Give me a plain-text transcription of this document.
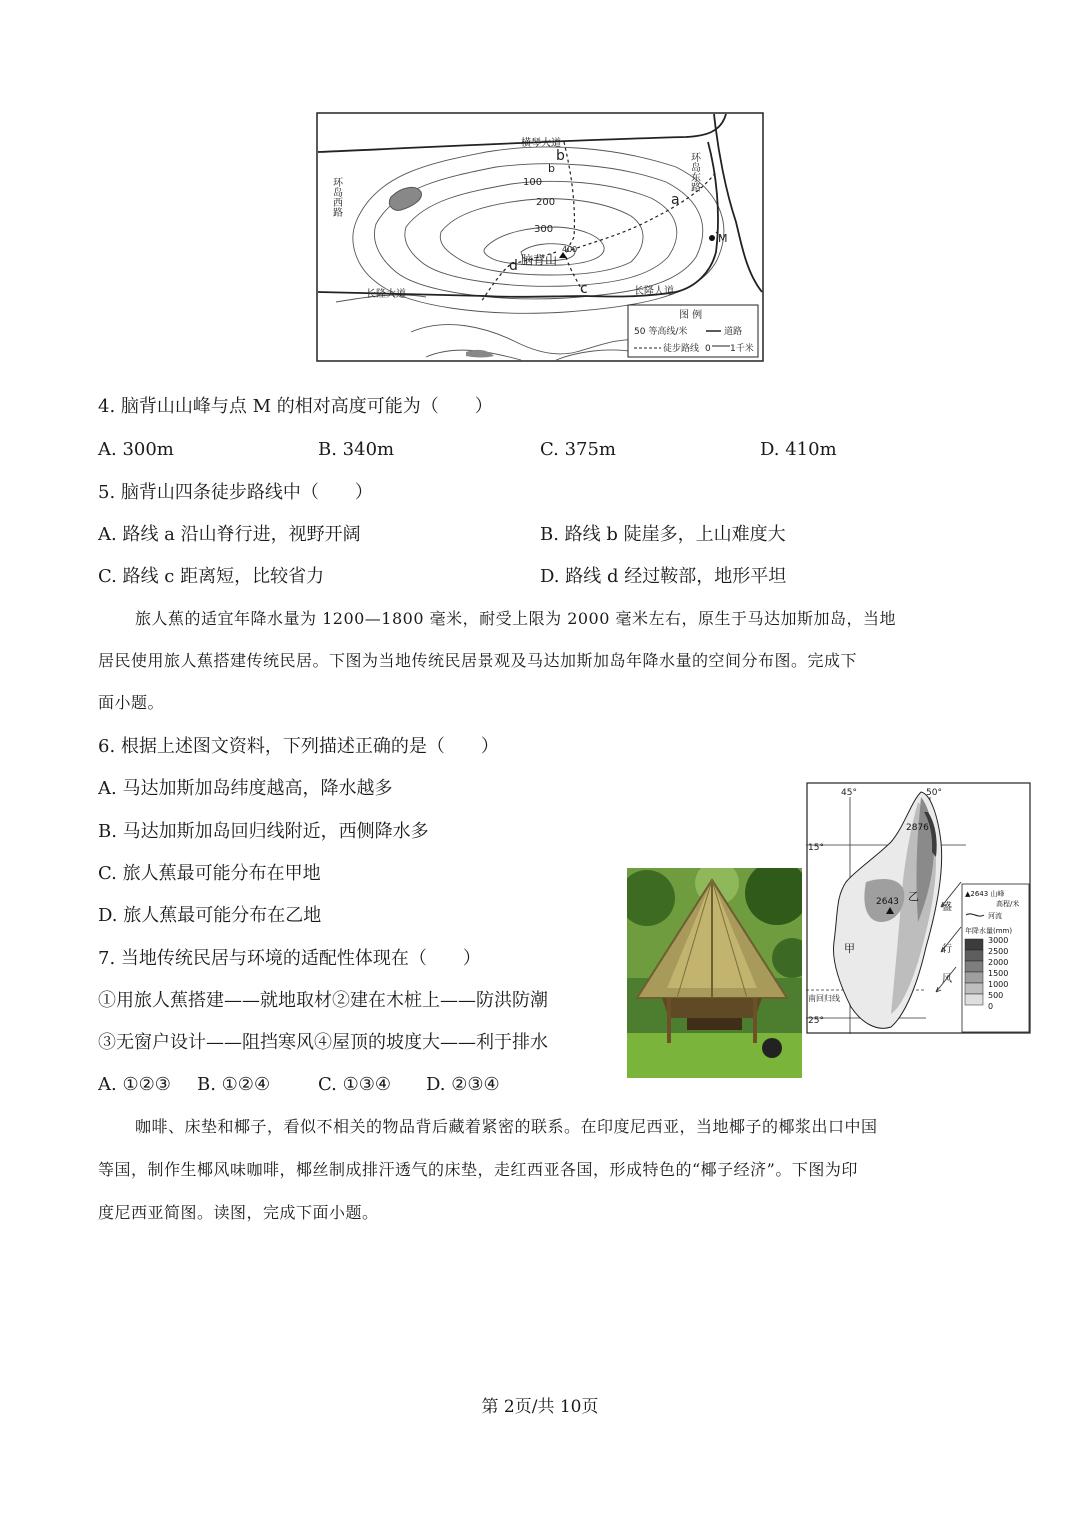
横琴大道
b
环岛西路
环岛东路
a
b
c
d
M
脑背山
100
200
300
400
长隆大道	长隆人道
图 例
50 等高线/米	道路
徒步路线 0 1千米
4. 脑背山山峰与点 M 的相对高度可能为（　　）
A. 300m	B. 340m	C. 375m	D. 410m
5. 脑背山四条徒步路线中（　　）
A. 路线 a 沿山脊行进，视野开阔	B. 路线 b 陡崖多，上山难度大
C. 路线 c 距离短，比较省力	D. 路线 d 经过鞍部，地形平坦
旅人蕉的适宜年降水量为 1200—1800 毫米，耐受上限为 2000 毫米左右，原生于马达加斯加岛，当地
居民使用旅人蕉搭建传统民居。下图为当地传统民居景观及马达加斯加岛年降水量的空间分布图。完成下
面小题。
6. 根据上述图文资料，下列描述正确的是（　　）
A. 马达加斯加岛纬度越高，降水越多
B. 马达加斯加岛回归线附近，西侧降水多
C. 旅人蕉最可能分布在甲地
D. 旅人蕉最可能分布在乙地
7. 当地传统民居与环境的适配性体现在（　　）
①用旅人蕉搭建——就地取材②建在木桩上——防洪防潮
③无窗户设计——阻挡寒风④屋顶的坡度大——利于排水
A. ①②③ B. ①②④	C. ①③④ D. ②③④
45°	50°
15°
25°
南回归线
2643
2876
甲
乙
盛
行
风
▲2643 山峰
高程/米
河流
年降水量(mm)
3000
2500
2000
1500
1000
500
0
咖啡、床垫和椰子，看似不相关的物品背后藏着紧密的联系。在印度尼西亚，当地椰子的椰浆出口中国
等国，制作生椰风味咖啡，椰丝制成排汗透气的床垫，走红西亚各国，形成特色的“椰子经济”。下图为印
度尼西亚简图。读图，完成下面小题。
第 2页/共 10页
